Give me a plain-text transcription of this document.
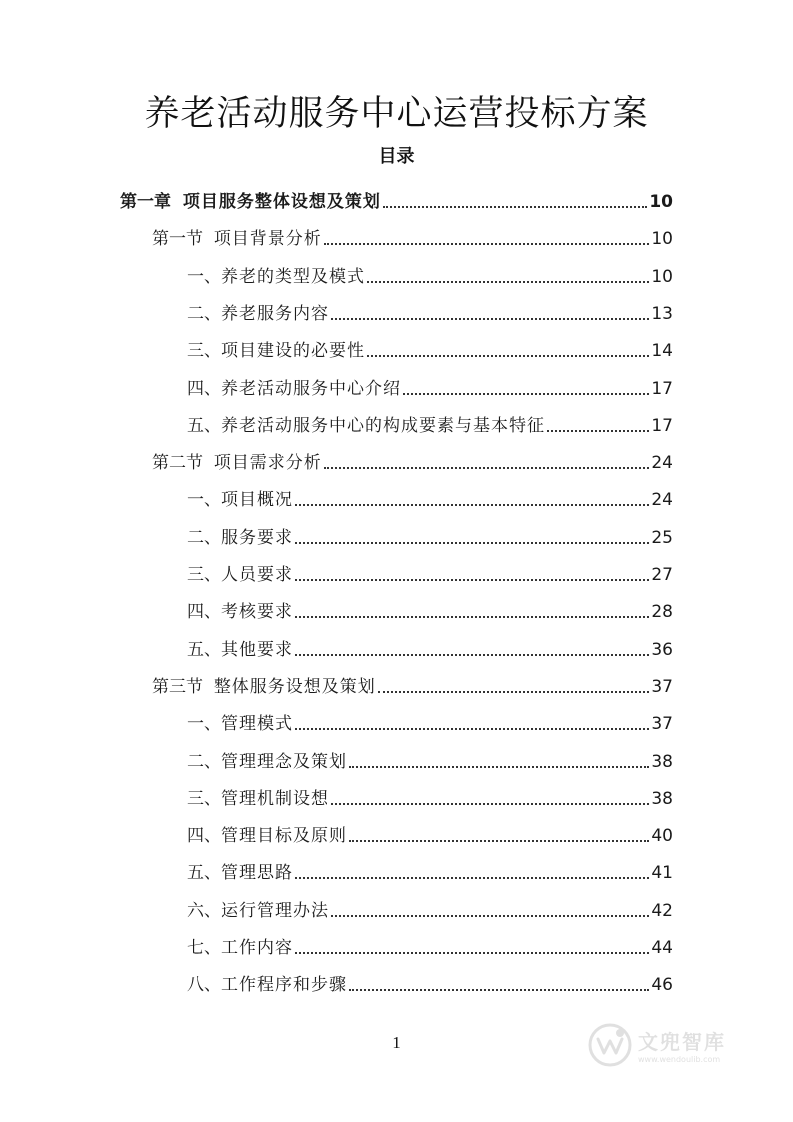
养老活动服务中心运营投标方案
目录
第一章 项目服务整体设想及策划	10
第一节 项目背景分析	10
一、 养老的类型及模式	10
二、 养老服务内容	13
三、 项目建设的必要性	14
四、 养老活动服务中心介绍	17
五、 养老活动服务中心的构成要素与基本特征	17
第二节 项目需求分析	24
一、 项目概况	24
二、 服务要求	25
三、 人员要求	27
四、 考核要求	28
五、 其他要求	36
第三节 整体服务设想及策划	37
一、 管理模式	37
二、 管理理念及策划	38
三、 管理机制设想	38
四、 管理目标及原则	40
五、 管理思路	41
六、 运行管理办法	42
七、 工作内容	44
八、 工作程序和步骤	46
1	文兜智库
www.wendoulib.com
